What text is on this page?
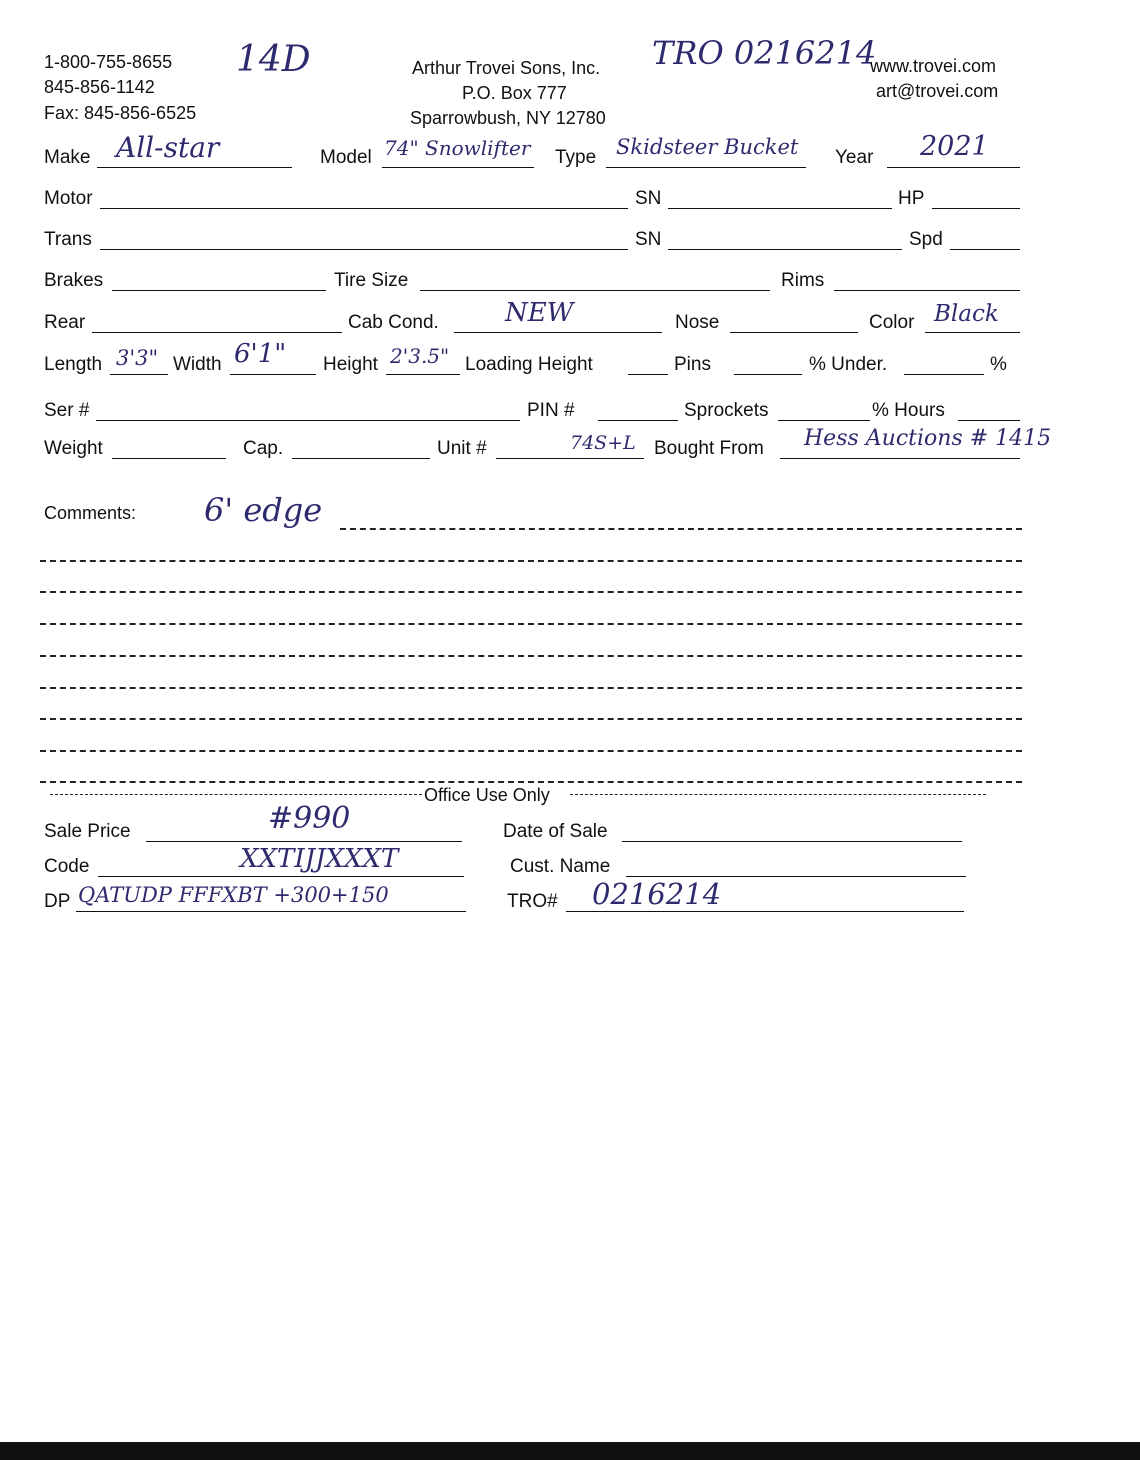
1-800-755-8655
845-856-1142
Fax: 845-856-6525
14D	Arthur Trovei Sons, Inc.
P.O. Box 777
Sparrowbush, NY 12780
TRO 0216214
www.trovei.com
art@trovei.com
Make All-star	Model 74" Snowlifter Type Skidsteer Bucket Year 2021
Motor	SN	HP
Trans	SN	Spd
Brakes	Tire Size	Rims
Rear	Cab Cond.	NEW	Nose	Color Black
Length 3'3" Width 6'1" Height 2'3.5" Loading Height	Pins	% Under.	%
Ser #	PIN #	Sprockets	% Hours
Weight	Cap.	Unit #	74S+L Bought From Hess Auctions # 1415
Comments: 6' edge
Office Use Only
Sale Price	#990	Date of Sale
Code	XXTIJJXXXT	Cust. Name
DP QATUDP FFFXBT +300+150	TRO# 0216214
